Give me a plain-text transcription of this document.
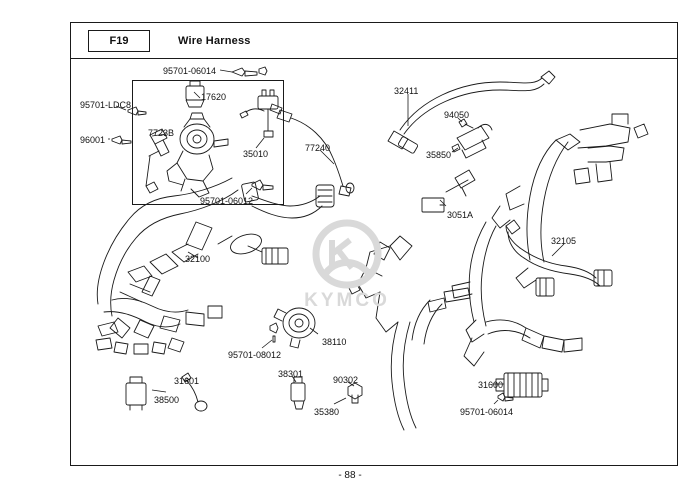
F19	Wire Harness
KYMCO
95701-06014
17620
95701-LDC8
7723B
96001
35010
77240
32411
94050
35850
3051A
95701-06012
32100
32105
38110
95701-08012
31601
38500
38301
35380
90302	31600
95701-06014
- 88 -
